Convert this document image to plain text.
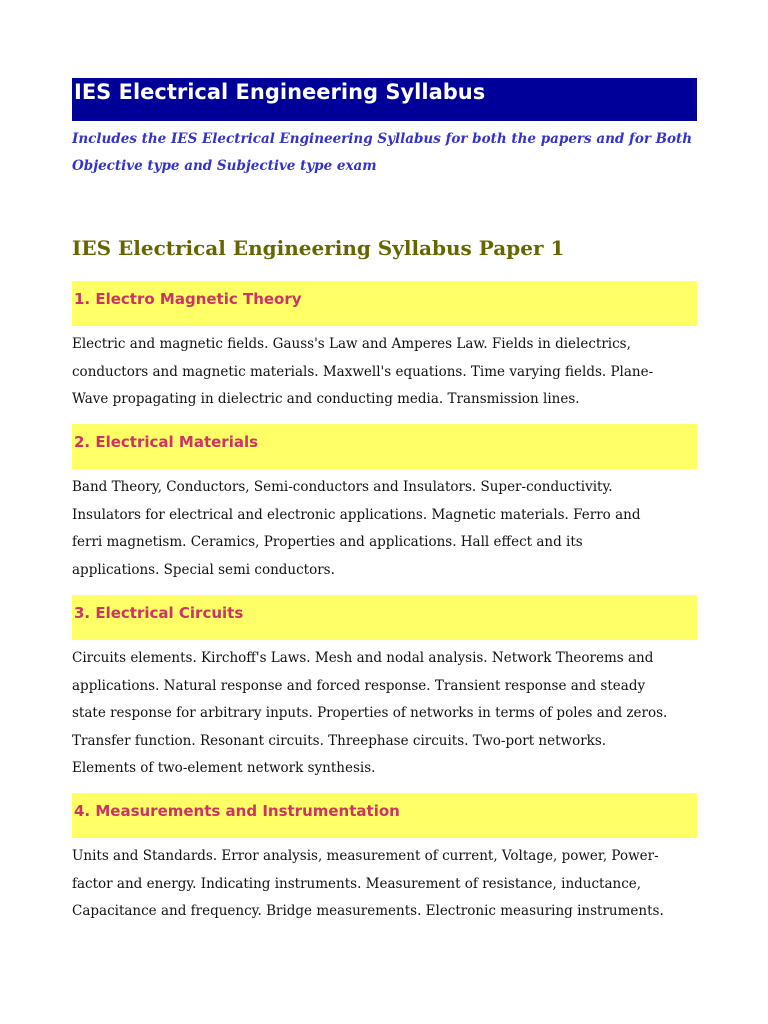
IES Electrical Engineering Syllabus
Includes the IES Electrical Engineering Syllabus for both the papers and for Both Objective type and Subjective type exam
IES Electrical Engineering Syllabus Paper 1
1. Electro Magnetic Theory
Electric and magnetic fields. Gauss's Law and Amperes Law. Fields in dielectrics, conductors and magnetic materials. Maxwell's equations. Time varying fields. Plane-Wave propagating in dielectric and conducting media. Transmission lines.
2. Electrical Materials
Band Theory, Conductors, Semi-conductors and Insulators. Super-conductivity. Insulators for electrical and electronic applications. Magnetic materials. Ferro and ferri magnetism. Ceramics, Properties and applications. Hall effect and its applications. Special semi conductors.
3. Electrical Circuits
Circuits elements. Kirchoff's Laws. Mesh and nodal analysis. Network Theorems and applications. Natural response and forced response. Transient response and steady state response for arbitrary inputs. Properties of networks in terms of poles and zeros. Transfer function. Resonant circuits. Threephase circuits. Two-port networks. Elements of two-element network synthesis.
4. Measurements and Instrumentation
Units and Standards. Error analysis, measurement of current, Voltage, power, Power-factor and energy. Indicating instruments. Measurement of resistance, inductance, Capacitance and frequency. Bridge measurements. Electronic measuring instruments.
